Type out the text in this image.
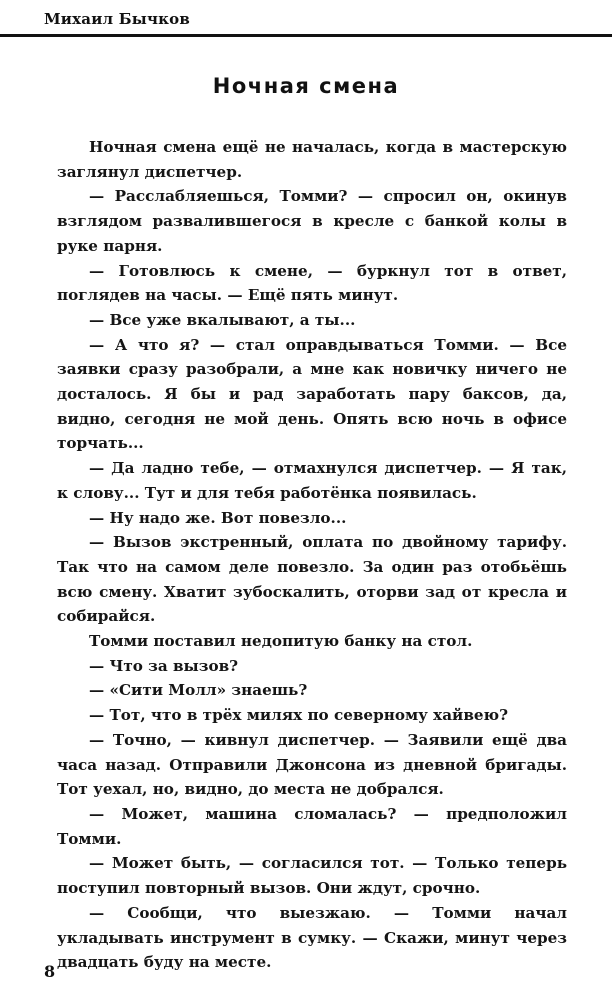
Михаил Бычков
Ночная смена

Ночная смена ещё не началась, когда в мастерскую заглянул диспетчер.

— Расслабляешься, Томми? — спросил он, окинув взглядом развалившегося в кресле с банкой колы в руке парня.

— Готовлюсь к смене, — буркнул тот в ответ, поглядев на часы. — Ещё пять минут.

— Все уже вкалывают, а ты...

— А что я? — стал оправдываться Томми. — Все заявки сразу разобрали, а мне как новичку ничего не досталось. Я бы и рад заработать пару баксов, да, видно, сегодня не мой день. Опять всю ночь в офисе торчать...

— Да ладно тебе, — отмахнулся диспетчер. — Я так, к слову... Тут и для тебя работёнка появилась.

— Ну надо же. Вот повезло...

— Вызов экстренный, оплата по двойному тарифу. Так что на самом деле повезло. За один раз отобьёшь всю смену. Хватит зубоскалить, оторви зад от кресла и собирайся.

Томми поставил недопитую банку на стол.

— Что за вызов?

— «Сити Молл» знаешь?

— Тот, что в трёх милях по северному хайвею?

— Точно, — кивнул диспетчер. — Заявили ещё два часа назад. Отправили Джонсона из дневной бригады. Тот уехал, но, видно, до места не добрался.

— Может, машина сломалась? — предположил Томми.

— Может быть, — согласился тот. — Только теперь поступил повторный вызов. Они ждут, срочно.

— Сообщи, что выезжаю. — Томми начал укладывать инструмент в сумку. — Скажи, минут через двадцать буду на месте.

8
